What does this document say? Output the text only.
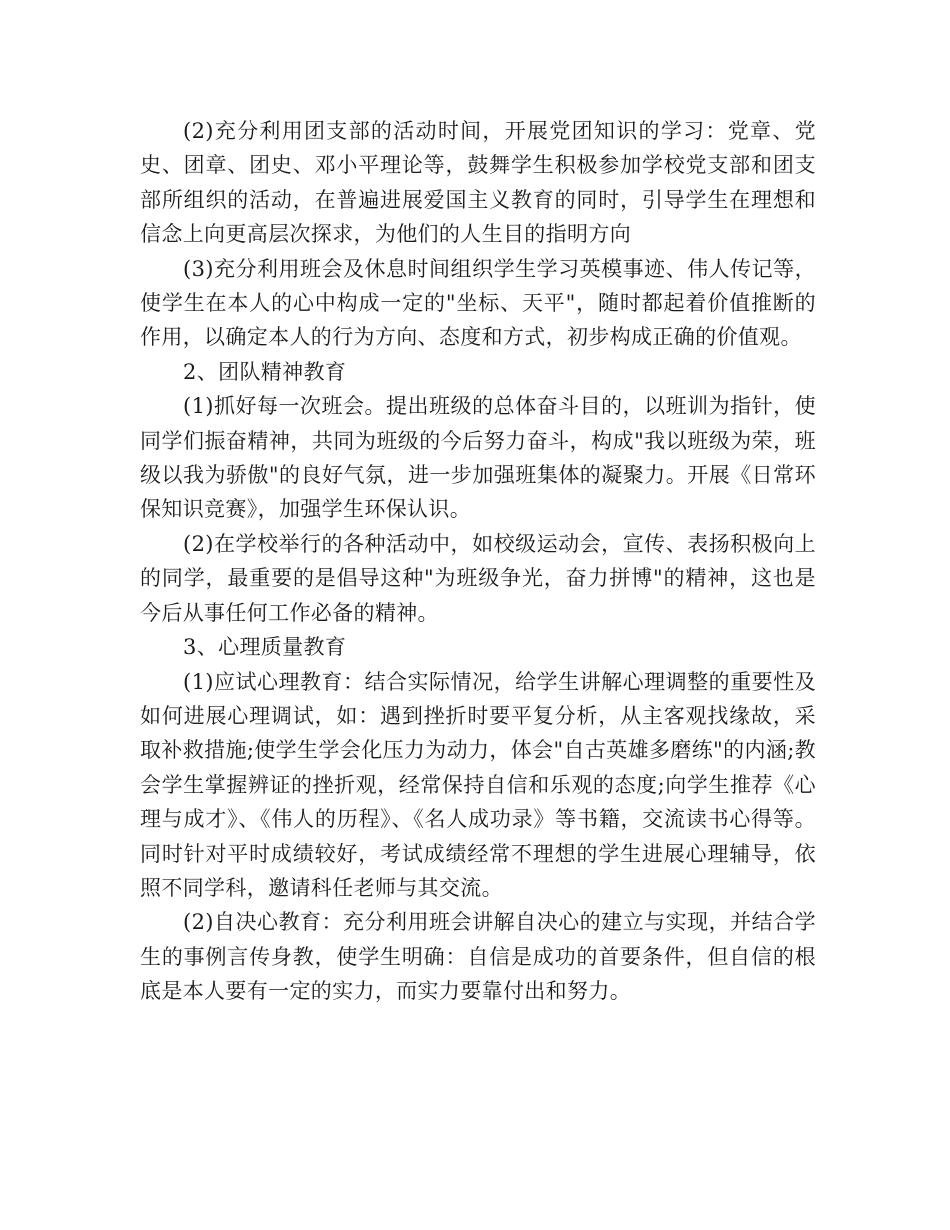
(2)充分利用团支部的活动时间，开展党团知识的学习：党章、党史、团章、团史、邓小平理论等，鼓舞学生积极参加学校党支部和团支部所组织的活动，在普遍进展爱国主义教育的同时，引导学生在理想和信念上向更高层次探求，为他们的人生目的指明方向

(3)充分利用班会及休息时间组织学生学习英模事迹、伟人传记等，使学生在本人的心中构成一定的"坐标、天平"，随时都起着价值推断的作用，以确定本人的行为方向、态度和方式，初步构成正确的价值观。

2、团队精神教育

(1)抓好每一次班会。提出班级的总体奋斗目的，以班训为指针，使同学们振奋精神，共同为班级的今后努力奋斗，构成"我以班级为荣，班级以我为骄傲"的良好气氛，进一步加强班集体的凝聚力。开展《日常环保知识竞赛》，加强学生环保认识。

(2)在学校举行的各种活动中，如校级运动会，宣传、表扬积极向上的同学，最重要的是倡导这种"为班级争光，奋力拼博"的精神，这也是今后从事任何工作必备的精神。

3、心理质量教育

(1)应试心理教育：结合实际情况，给学生讲解心理调整的重要性及如何进展心理调试，如：遇到挫折时要平复分析，从主客观找缘故，采取补救措施;使学生学会化压力为动力，体会"自古英雄多磨练"的内涵;教会学生掌握辨证的挫折观，经常保持自信和乐观的态度;向学生推荐《心理与成才》、《伟人的历程》、《名人成功录》等书籍，交流读书心得等。同时针对平时成绩较好，考试成绩经常不理想的学生进展心理辅导，依照不同学科，邀请科任老师与其交流。

(2)自决心教育：充分利用班会讲解自决心的建立与实现，并结合学生的事例言传身教，使学生明确：自信是成功的首要条件，但自信的根底是本人要有一定的实力，而实力要靠付出和努力。
